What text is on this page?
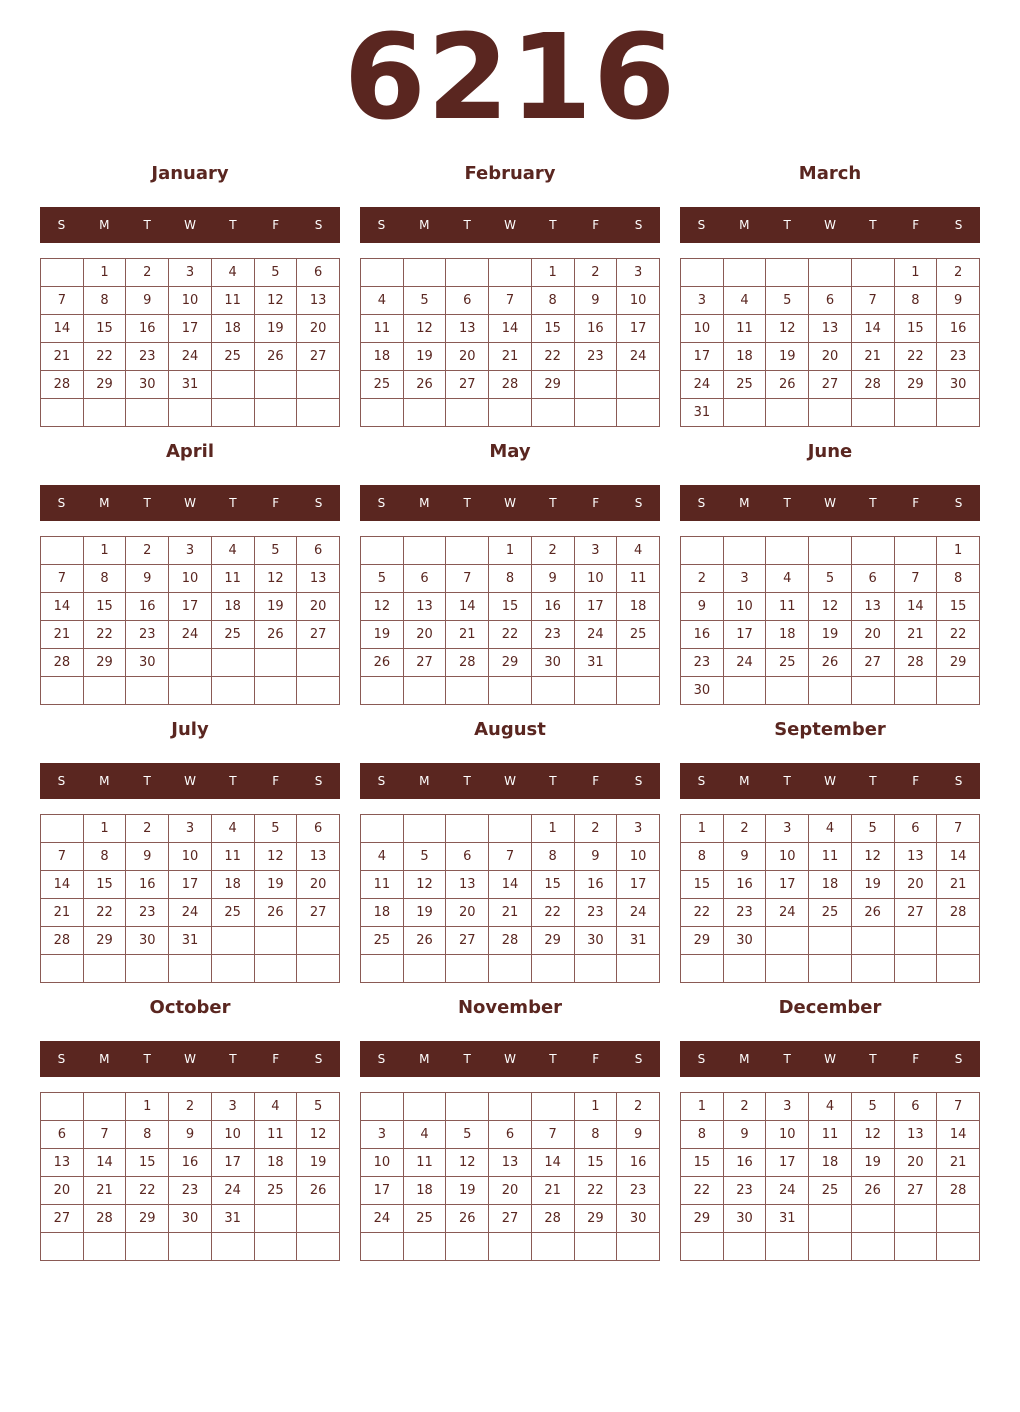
6216
January
S	M	T	W	T	F	S
	1	2	3	4	5	6
7	8	9	10	11	12	13
14	15	16	17	18	19	20
21	22	23	24	25	26	27
28	29	30	31			

February
S	M	T	W	T	F	S
				1	2	3
4	5	6	7	8	9	10
11	12	13	14	15	16	17
18	19	20	21	22	23	24
25	26	27	28	29		

March
S	M	T	W	T	F	S
					1	2
3	4	5	6	7	8	9
10	11	12	13	14	15	16
17	18	19	20	21	22	23
24	25	26	27	28	29	30
31						
April
S	M	T	W	T	F	S
	1	2	3	4	5	6
7	8	9	10	11	12	13
14	15	16	17	18	19	20
21	22	23	24	25	26	27
28	29	30				

May
S	M	T	W	T	F	S
			1	2	3	4
5	6	7	8	9	10	11
12	13	14	15	16	17	18
19	20	21	22	23	24	25
26	27	28	29	30	31	

June
S	M	T	W	T	F	S
						1
2	3	4	5	6	7	8
9	10	11	12	13	14	15
16	17	18	19	20	21	22
23	24	25	26	27	28	29
30						
July
S	M	T	W	T	F	S
	1	2	3	4	5	6
7	8	9	10	11	12	13
14	15	16	17	18	19	20
21	22	23	24	25	26	27
28	29	30	31			

August
S	M	T	W	T	F	S
				1	2	3
4	5	6	7	8	9	10
11	12	13	14	15	16	17
18	19	20	21	22	23	24
25	26	27	28	29	30	31

September
S	M	T	W	T	F	S
1	2	3	4	5	6	7
8	9	10	11	12	13	14
15	16	17	18	19	20	21
22	23	24	25	26	27	28
29	30					

October
S	M	T	W	T	F	S
		1	2	3	4	5
6	7	8	9	10	11	12
13	14	15	16	17	18	19
20	21	22	23	24	25	26
27	28	29	30	31		

November
S	M	T	W	T	F	S
					1	2
3	4	5	6	7	8	9
10	11	12	13	14	15	16
17	18	19	20	21	22	23
24	25	26	27	28	29	30

December
S	M	T	W	T	F	S
1	2	3	4	5	6	7
8	9	10	11	12	13	14
15	16	17	18	19	20	21
22	23	24	25	26	27	28
29	30	31				
